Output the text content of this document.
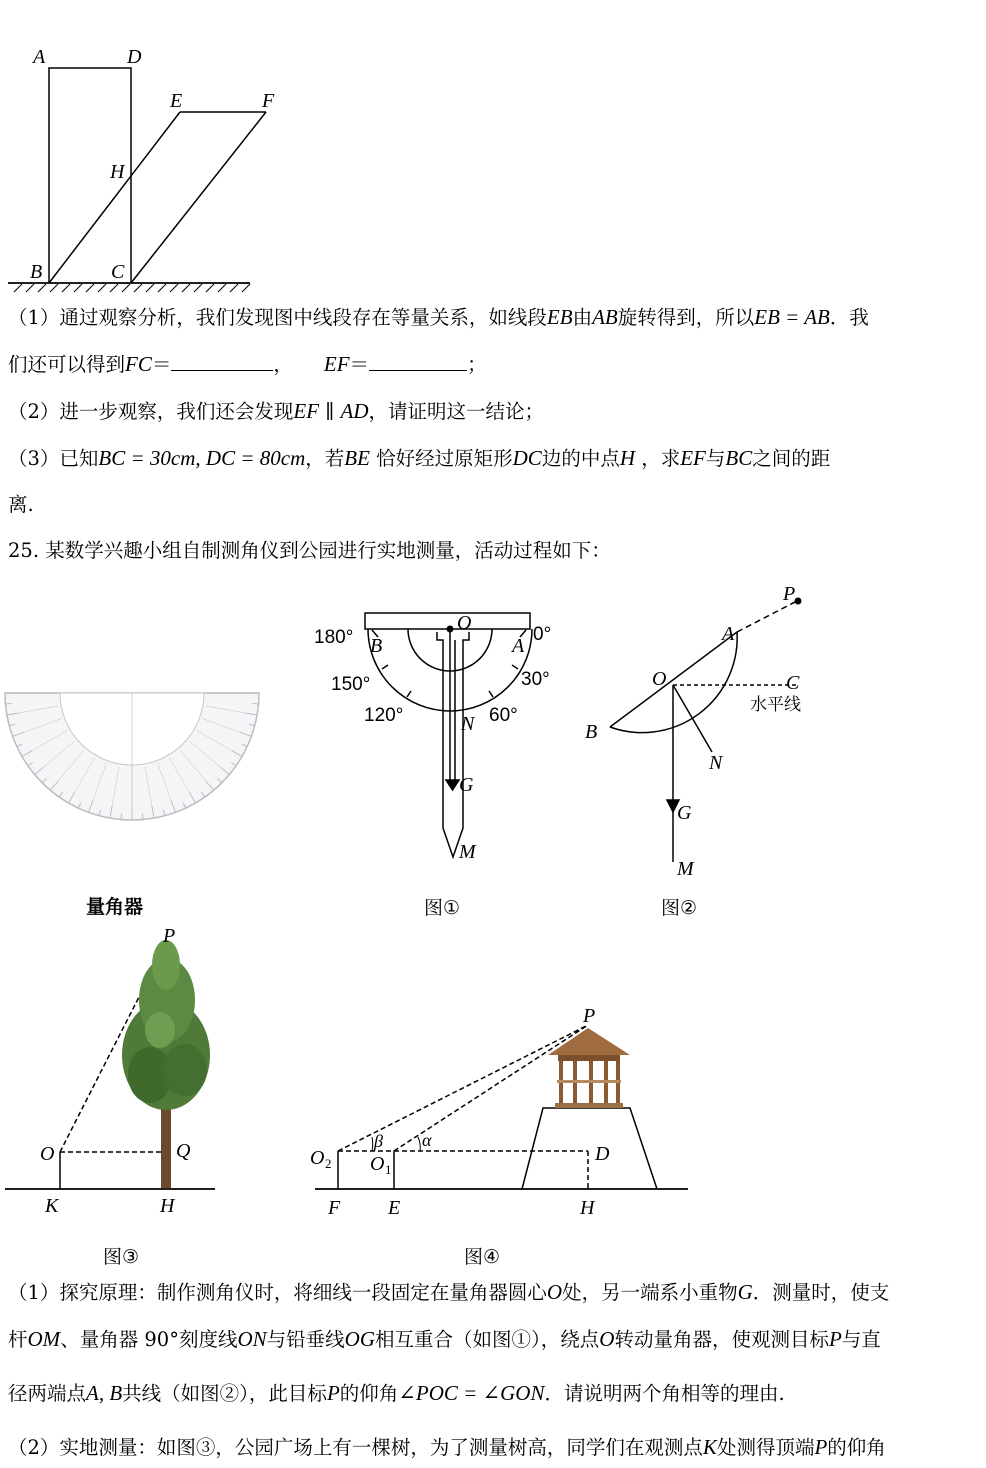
A	D
E	F
H
B	C
O
B	A
N
G
M
180°	0°
150°	30°
120°	60°
P
A
O	C
B
N
G
M
水平线
P
O	Q
K	H
P
β α
O 2 O 1
D
F E	H
量角器	图①	图②
图③	图④
（1）通过观察分析，我们发现图中线段存在等量关系，如线段EB由AB旋转得到，所以EB = AB．我
们还可以得到FC＝	， EF＝	；
（2）进一步观察，我们还会发现EF ∥ AD，请证明这一结论；
（3）已知BC = 30cm, DC = 80cm，若BE 恰好经过原矩形DC边的中点H ，求EF与BC之间的距
离.
25. 某数学兴趣小组自制测角仪到公园进行实地测量，活动过程如下：
（1）探究原理：制作测角仪时，将细线一段固定在量角器圆心O处，另一端系小重物G．测量时，使支
杆OM、量角器 90°刻度线ON与铅垂线OG相互重合（如图①），绕点O转动量角器，使观测目标P与直
径两端点A, B共线（如图②），此目标P的仰角∠POC = ∠GON．请说明两个角相等的理由.
（2）实地测量：如图③，公园广场上有一棵树，为了测量树高，同学们在观测点K处测得顶端P的仰角
